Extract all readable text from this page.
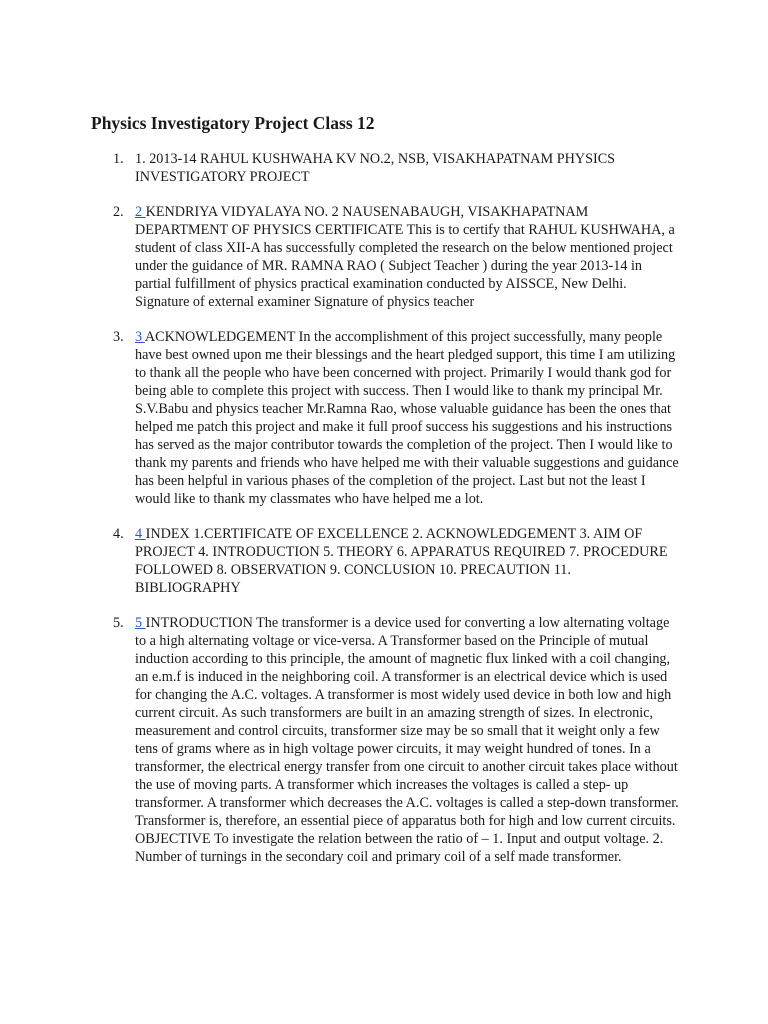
Physics Investigatory Project Class 12
1. 1. 2013-14 RAHUL KUSHWAHA KV NO.2, NSB, VISAKHAPATNAM PHYSICS INVESTIGATORY PROJECT
2. 2 KENDRIYA VIDYALAYA NO. 2 NAUSENABAUGH, VISAKHAPATNAM DEPARTMENT OF PHYSICS CERTIFICATE This is to certify that RAHUL KUSHWAHA, a student of class XII-A has successfully completed the research on the below mentioned project under the guidance of MR. RAMNA RAO ( Subject Teacher ) during the year 2013-14 in partial fulfillment of physics practical examination conducted by AISSCE, New Delhi. Signature of external examiner Signature of physics teacher
3. 3 ACKNOWLEDGEMENT In the accomplishment of this project successfully, many people have best owned upon me their blessings and the heart pledged support, this time I am utilizing to thank all the people who have been concerned with project. Primarily I would thank god for being able to complete this project with success. Then I would like to thank my principal Mr. S.V.Babu and physics teacher Mr.Ramna Rao, whose valuable guidance has been the ones that helped me patch this project and make it full proof success his suggestions and his instructions has served as the major contributor towards the completion of the project. Then I would like to thank my parents and friends who have helped me with their valuable suggestions and guidance has been helpful in various phases of the completion of the project. Last but not the least I would like to thank my classmates who have helped me a lot.
4. 4 INDEX 1.CERTIFICATE OF EXCELLENCE 2. ACKNOWLEDGEMENT 3. AIM OF PROJECT 4. INTRODUCTION 5. THEORY 6. APPARATUS REQUIRED 7. PROCEDURE FOLLOWED 8. OBSERVATION 9. CONCLUSION 10. PRECAUTION 11. BIBLIOGRAPHY
5. 5 INTRODUCTION The transformer is a device used for converting a low alternating voltage to a high alternating voltage or vice-versa. A Transformer based on the Principle of mutual induction according to this principle, the amount of magnetic flux linked with a coil changing, an e.m.f is induced in the neighboring coil. A transformer is an electrical device which is used for changing the A.C. voltages. A transformer is most widely used device in both low and high current circuit. As such transformers are built in an amazing strength of sizes. In electronic, measurement and control circuits, transformer size may be so small that it weight only a few tens of grams where as in high voltage power circuits, it may weight hundred of tones. In a transformer, the electrical energy transfer from one circuit to another circuit takes place without the use of moving parts. A transformer which increases the voltages is called a step- up transformer. A transformer which decreases the A.C. voltages is called a step-down transformer. Transformer is, therefore, an essential piece of apparatus both for high and low current circuits. OBJECTIVE To investigate the relation between the ratio of – 1. Input and output voltage. 2. Number of turnings in the secondary coil and primary coil of a self made transformer.
